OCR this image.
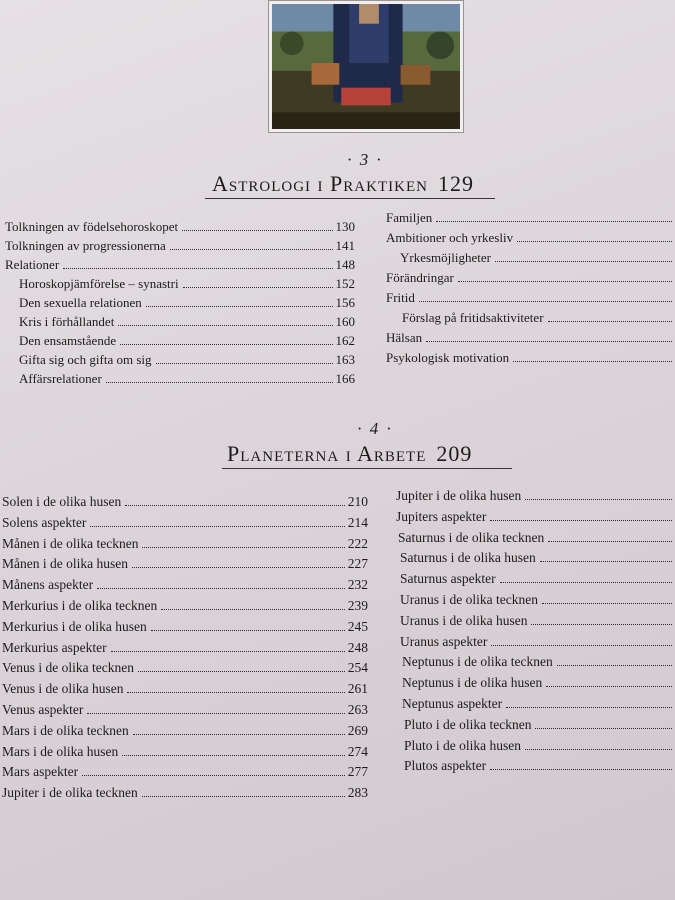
· 3 ·
Astrologi i Praktiken 129
Tolkningen av födelsehoroskopet	130
Tolkningen av progressionerna	141
Relationer	148
Horoskopjämförelse – synastri	152
Den sexuella relationen	156
Kris i förhållandet	160
Den ensamstående	162
Gifta sig och gifta om sig	163
Affärsrelationer	166
Familjen
Ambitioner och yrkesliv
Yrkesmöjligheter
Förändringar
Fritid
Förslag på fritidsaktiviteter
Hälsan
Psykologisk motivation
· 4 ·
Planeterna i Arbete 209
Solen i de olika husen	210
Solens aspekter	214
Månen i de olika tecknen	222
Månen i de olika husen	227
Månens aspekter	232
Merkurius i de olika tecknen	239
Merkurius i de olika husen	245
Merkurius aspekter	248
Venus i de olika tecknen	254
Venus i de olika husen	261
Venus aspekter	263
Mars i de olika tecknen	269
Mars i de olika husen	274
Mars aspekter	277
Jupiter i de olika tecknen	283
Jupiter i de olika husen
Jupiters aspekter
Saturnus i de olika tecknen
Saturnus i de olika husen
Saturnus aspekter
Uranus i de olika tecknen
Uranus i de olika husen
Uranus aspekter
Neptunus i de olika tecknen
Neptunus i de olika husen
Neptunus aspekter
Pluto i de olika tecknen
Pluto i de olika husen
Plutos aspekter
